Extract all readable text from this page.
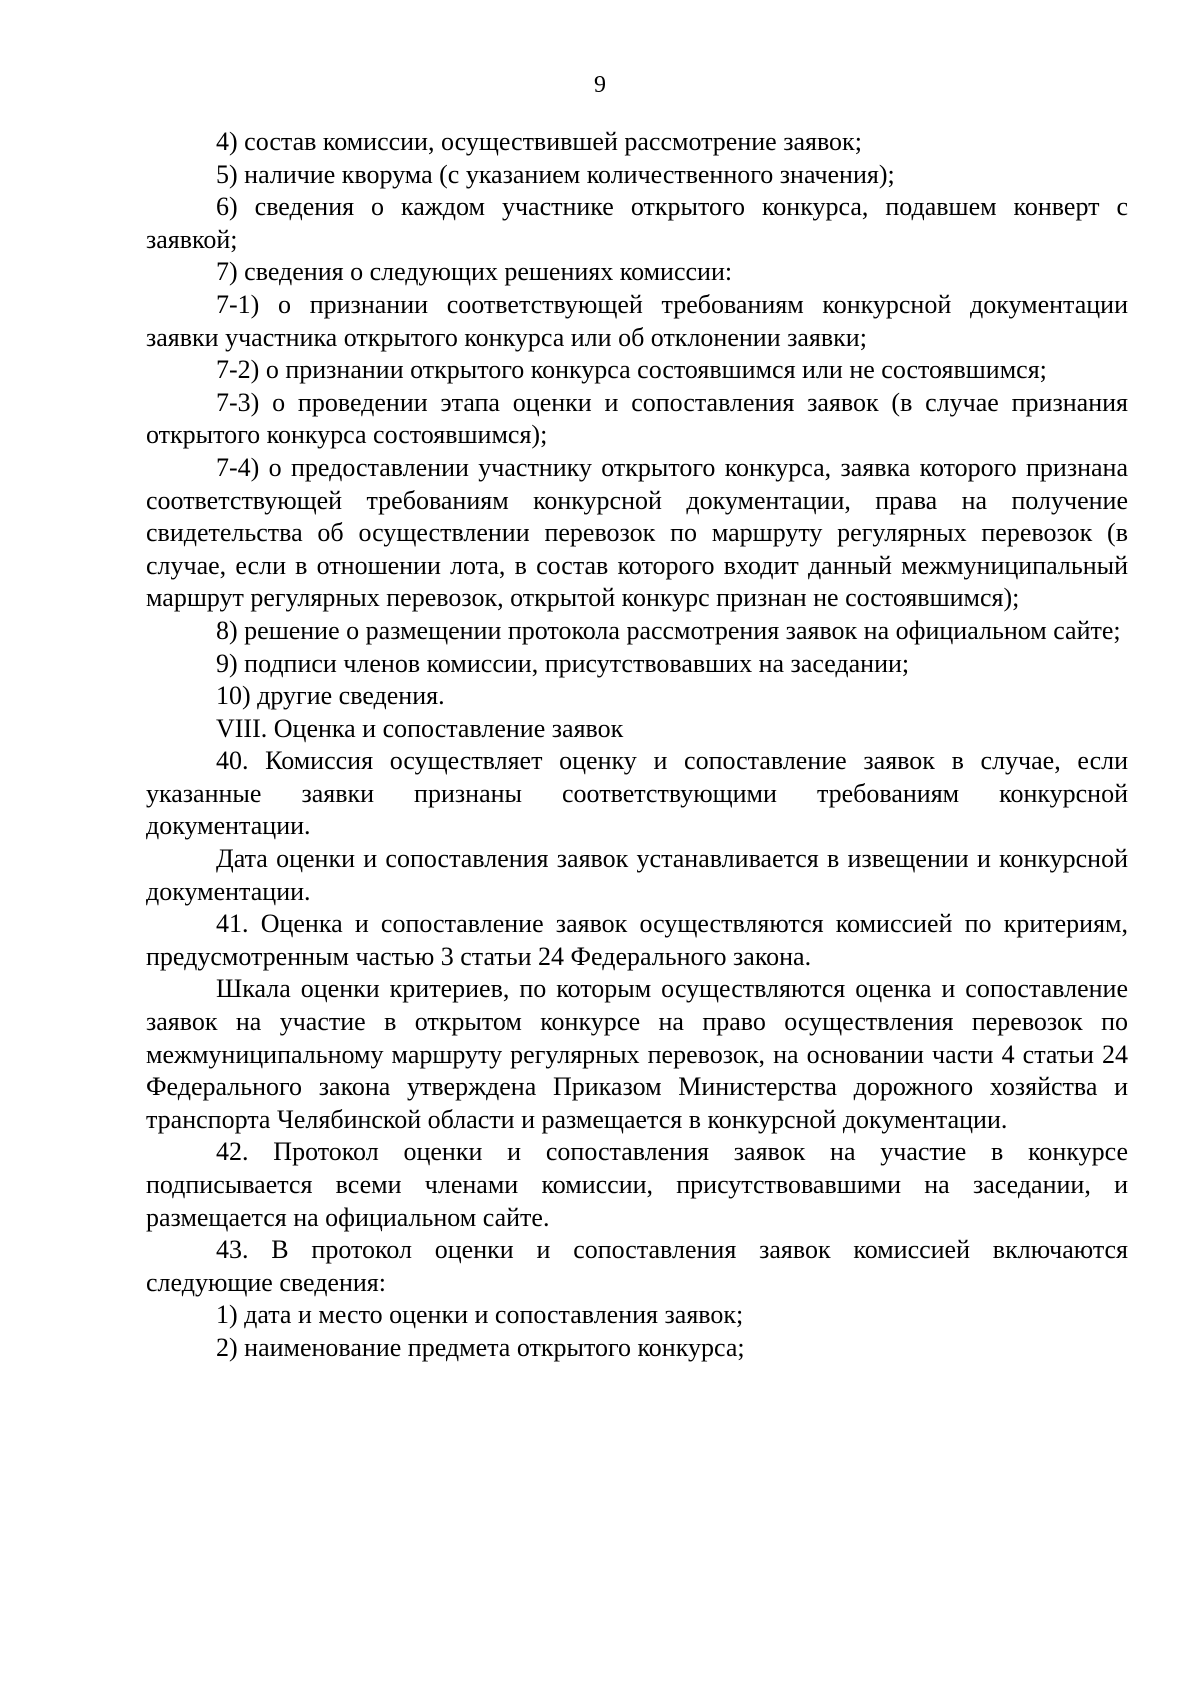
9

4) состав комиссии, осуществившей рассмотрение заявок;

5) наличие кворума (с указанием количественного значения);

6) сведения о каждом участнике открытого конкурса, подавшем конверт с заявкой;

7) сведения о следующих решениях комиссии:

7-1) о признании соответствующей требованиям конкурсной документации заявки участника открытого конкурса или об отклонении заявки;

7-2) о признании открытого конкурса состоявшимся или не состоявшимся;

7-3) о проведении этапа оценки и сопоставления заявок (в случае признания открытого конкурса состоявшимся);

7-4) о предоставлении участнику открытого конкурса, заявка которого признана соответствующей требованиям конкурсной документации, права на получение свидетельства об осуществлении перевозок по маршруту регулярных перевозок (в случае, если в отношении лота, в состав которого входит данный межмуниципальный маршрут регулярных перевозок, открытой конкурс признан не состоявшимся);

8) решение о размещении протокола рассмотрения заявок на официальном сайте;

9) подписи членов комиссии, присутствовавших на заседании;

10) другие сведения.

VIII. Оценка и сопоставление заявок

40. Комиссия осуществляет оценку и сопоставление заявок в случае, если указанные заявки признаны соответствующими требованиям конкурсной документации.

Дата оценки и сопоставления заявок устанавливается в извещении и конкурсной документации.

41. Оценка и сопоставление заявок осуществляются комиссией по критериям, предусмотренным частью 3 статьи 24 Федерального закона.

Шкала оценки критериев, по которым осуществляются оценка и сопоставление заявок на участие в открытом конкурсе на право осуществления перевозок по межмуниципальному маршруту регулярных перевозок, на основании части 4 статьи 24 Федерального закона утверждена Приказом Министерства дорожного хозяйства и транспорта Челябинской области и размещается в конкурсной документации.

42. Протокол оценки и сопоставления заявок на участие в конкурсе подписывается всеми членами комиссии, присутствовавшими на заседании, и размещается на официальном сайте.

43. В протокол оценки и сопоставления заявок комиссией включаются следующие сведения:

1) дата и место оценки и сопоставления заявок;

2) наименование предмета открытого конкурса;
